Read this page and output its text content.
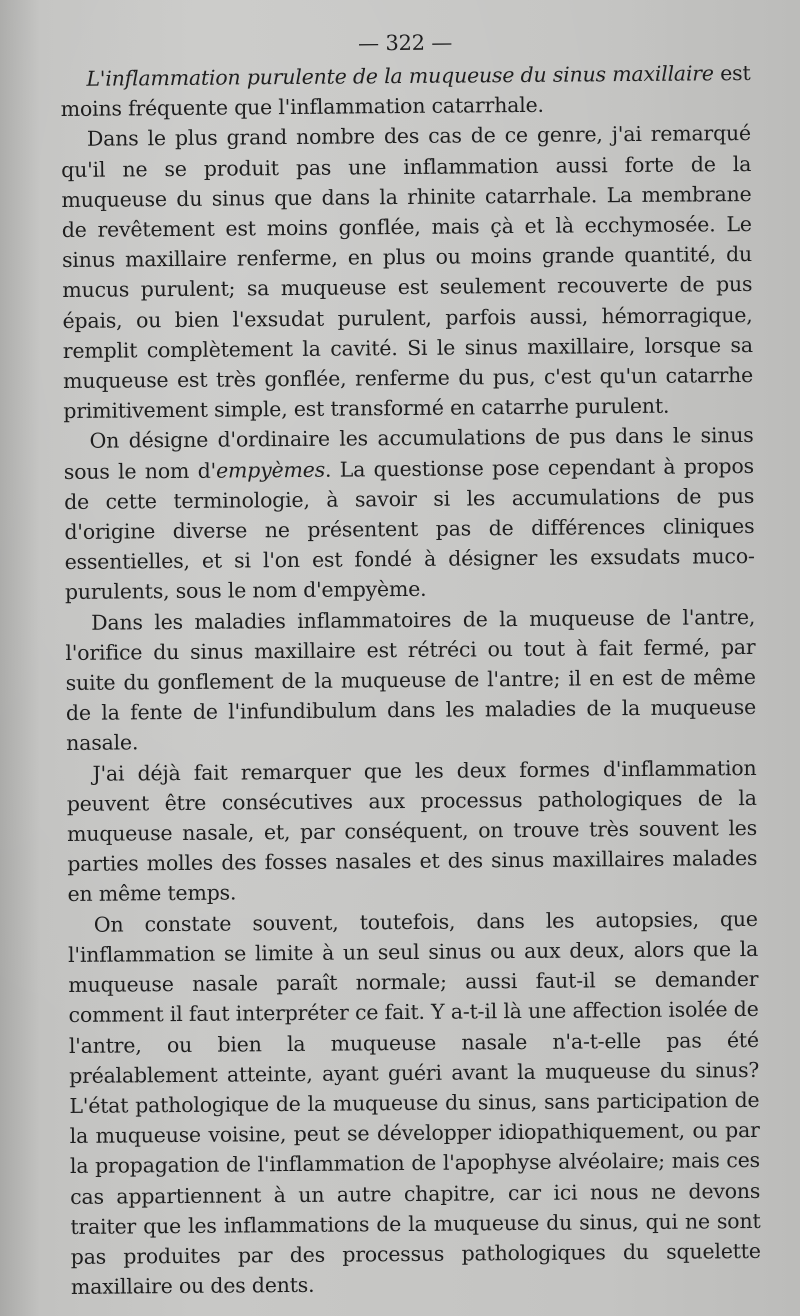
— 322 —

L'inflammation purulente de la muqueuse du sinus maxillaire est moins fréquente que l'inflammation catarrhale.

Dans le plus grand nombre des cas de ce genre, j'ai remarqué qu'il ne se produit pas une inflammation aussi forte de la muqueuse du sinus que dans la rhinite catarrhale. La membrane de revêtement est moins gonflée, mais çà et là ecchymosée. Le sinus maxillaire renferme, en plus ou moins grande quantité, du mucus purulent; sa muqueuse est seulement recouverte de pus épais, ou bien l'exsudat purulent, parfois aussi, hémorragique, remplit complètement la cavité. Si le sinus maxillaire, lorsque sa muqueuse est très gonflée, renferme du pus, c'est qu'un catarrhe primitivement simple, est transformé en catarrhe purulent.

On désigne d'ordinaire les accumulations de pus dans le sinus sous le nom d'empyèmes. La questionse pose cependant à propos de cette terminologie, à savoir si les accumulations de pus d'origine diverse ne présentent pas de différences cliniques essentielles, et si l'on est fondé à désigner les exsudats muco-purulents, sous le nom d'empyème.

Dans les maladies inflammatoires de la muqueuse de l'antre, l'orifice du sinus maxillaire est rétréci ou tout à fait fermé, par suite du gonflement de la muqueuse de l'antre; il en est de même de la fente de l'infundibulum dans les maladies de la muqueuse nasale.

J'ai déjà fait remarquer que les deux formes d'inflammation peuvent être consécutives aux processus pathologiques de la muqueuse nasale, et, par conséquent, on trouve très souvent les parties molles des fosses nasales et des sinus maxillaires malades en même temps.

On constate souvent, toutefois, dans les autopsies, que l'inflammation se limite à un seul sinus ou aux deux, alors que la muqueuse nasale paraît normale; aussi faut-il se demander comment il faut interpréter ce fait. Y a-t-il là une affection isolée de l'antre, ou bien la muqueuse nasale n'a-t-elle pas été préalablement atteinte, ayant guéri avant la muqueuse du sinus? L'état pathologique de la muqueuse du sinus, sans participation de la muqueuse voisine, peut se développer idiopathiquement, ou par la propagation de l'inflammation de l'apophyse alvéolaire; mais ces cas appartiennent à un autre chapitre, car ici nous ne devons traiter que les inflammations de la muqueuse du sinus, qui ne sont pas produites par des processus pathologiques du squelette maxillaire ou des dents.
